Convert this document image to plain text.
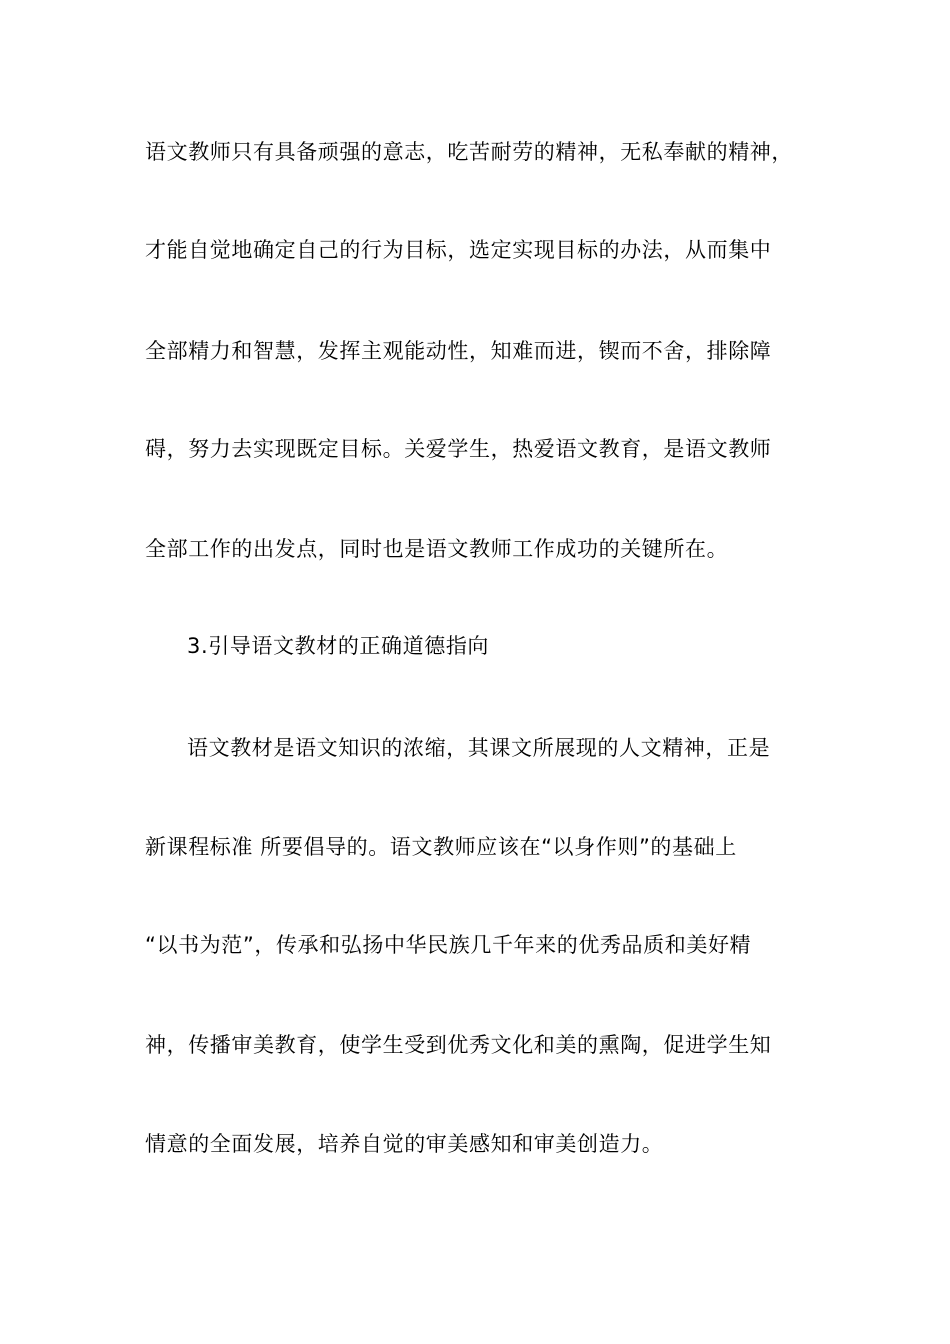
语文教师只有具备顽强的意志，吃苦耐劳的精神，无私奉献的精神，
才能自觉地确定自己的行为目标，选定实现目标的办法，从而集中
全部精力和智慧，发挥主观能动性，知难而进，锲而不舍，排除障
碍，努力去实现既定目标。关爱学生，热爱语文教育，是语文教师
全部工作的出发点，同时也是语文教师工作成功的关键所在。
3.引导语文教材的正确道德指向
语文教材是语文知识的浓缩，其课文所展现的人文精神，正是
新课程标准 所要倡导的。语文教师应该在“以身作则”的基础上
“以书为范”，传承和弘扬中华民族几千年来的优秀品质和美好精
神，传播审美教育，使学生受到优秀文化和美的熏陶，促进学生知
情意的全面发展，培养自觉的审美感知和审美创造力。
